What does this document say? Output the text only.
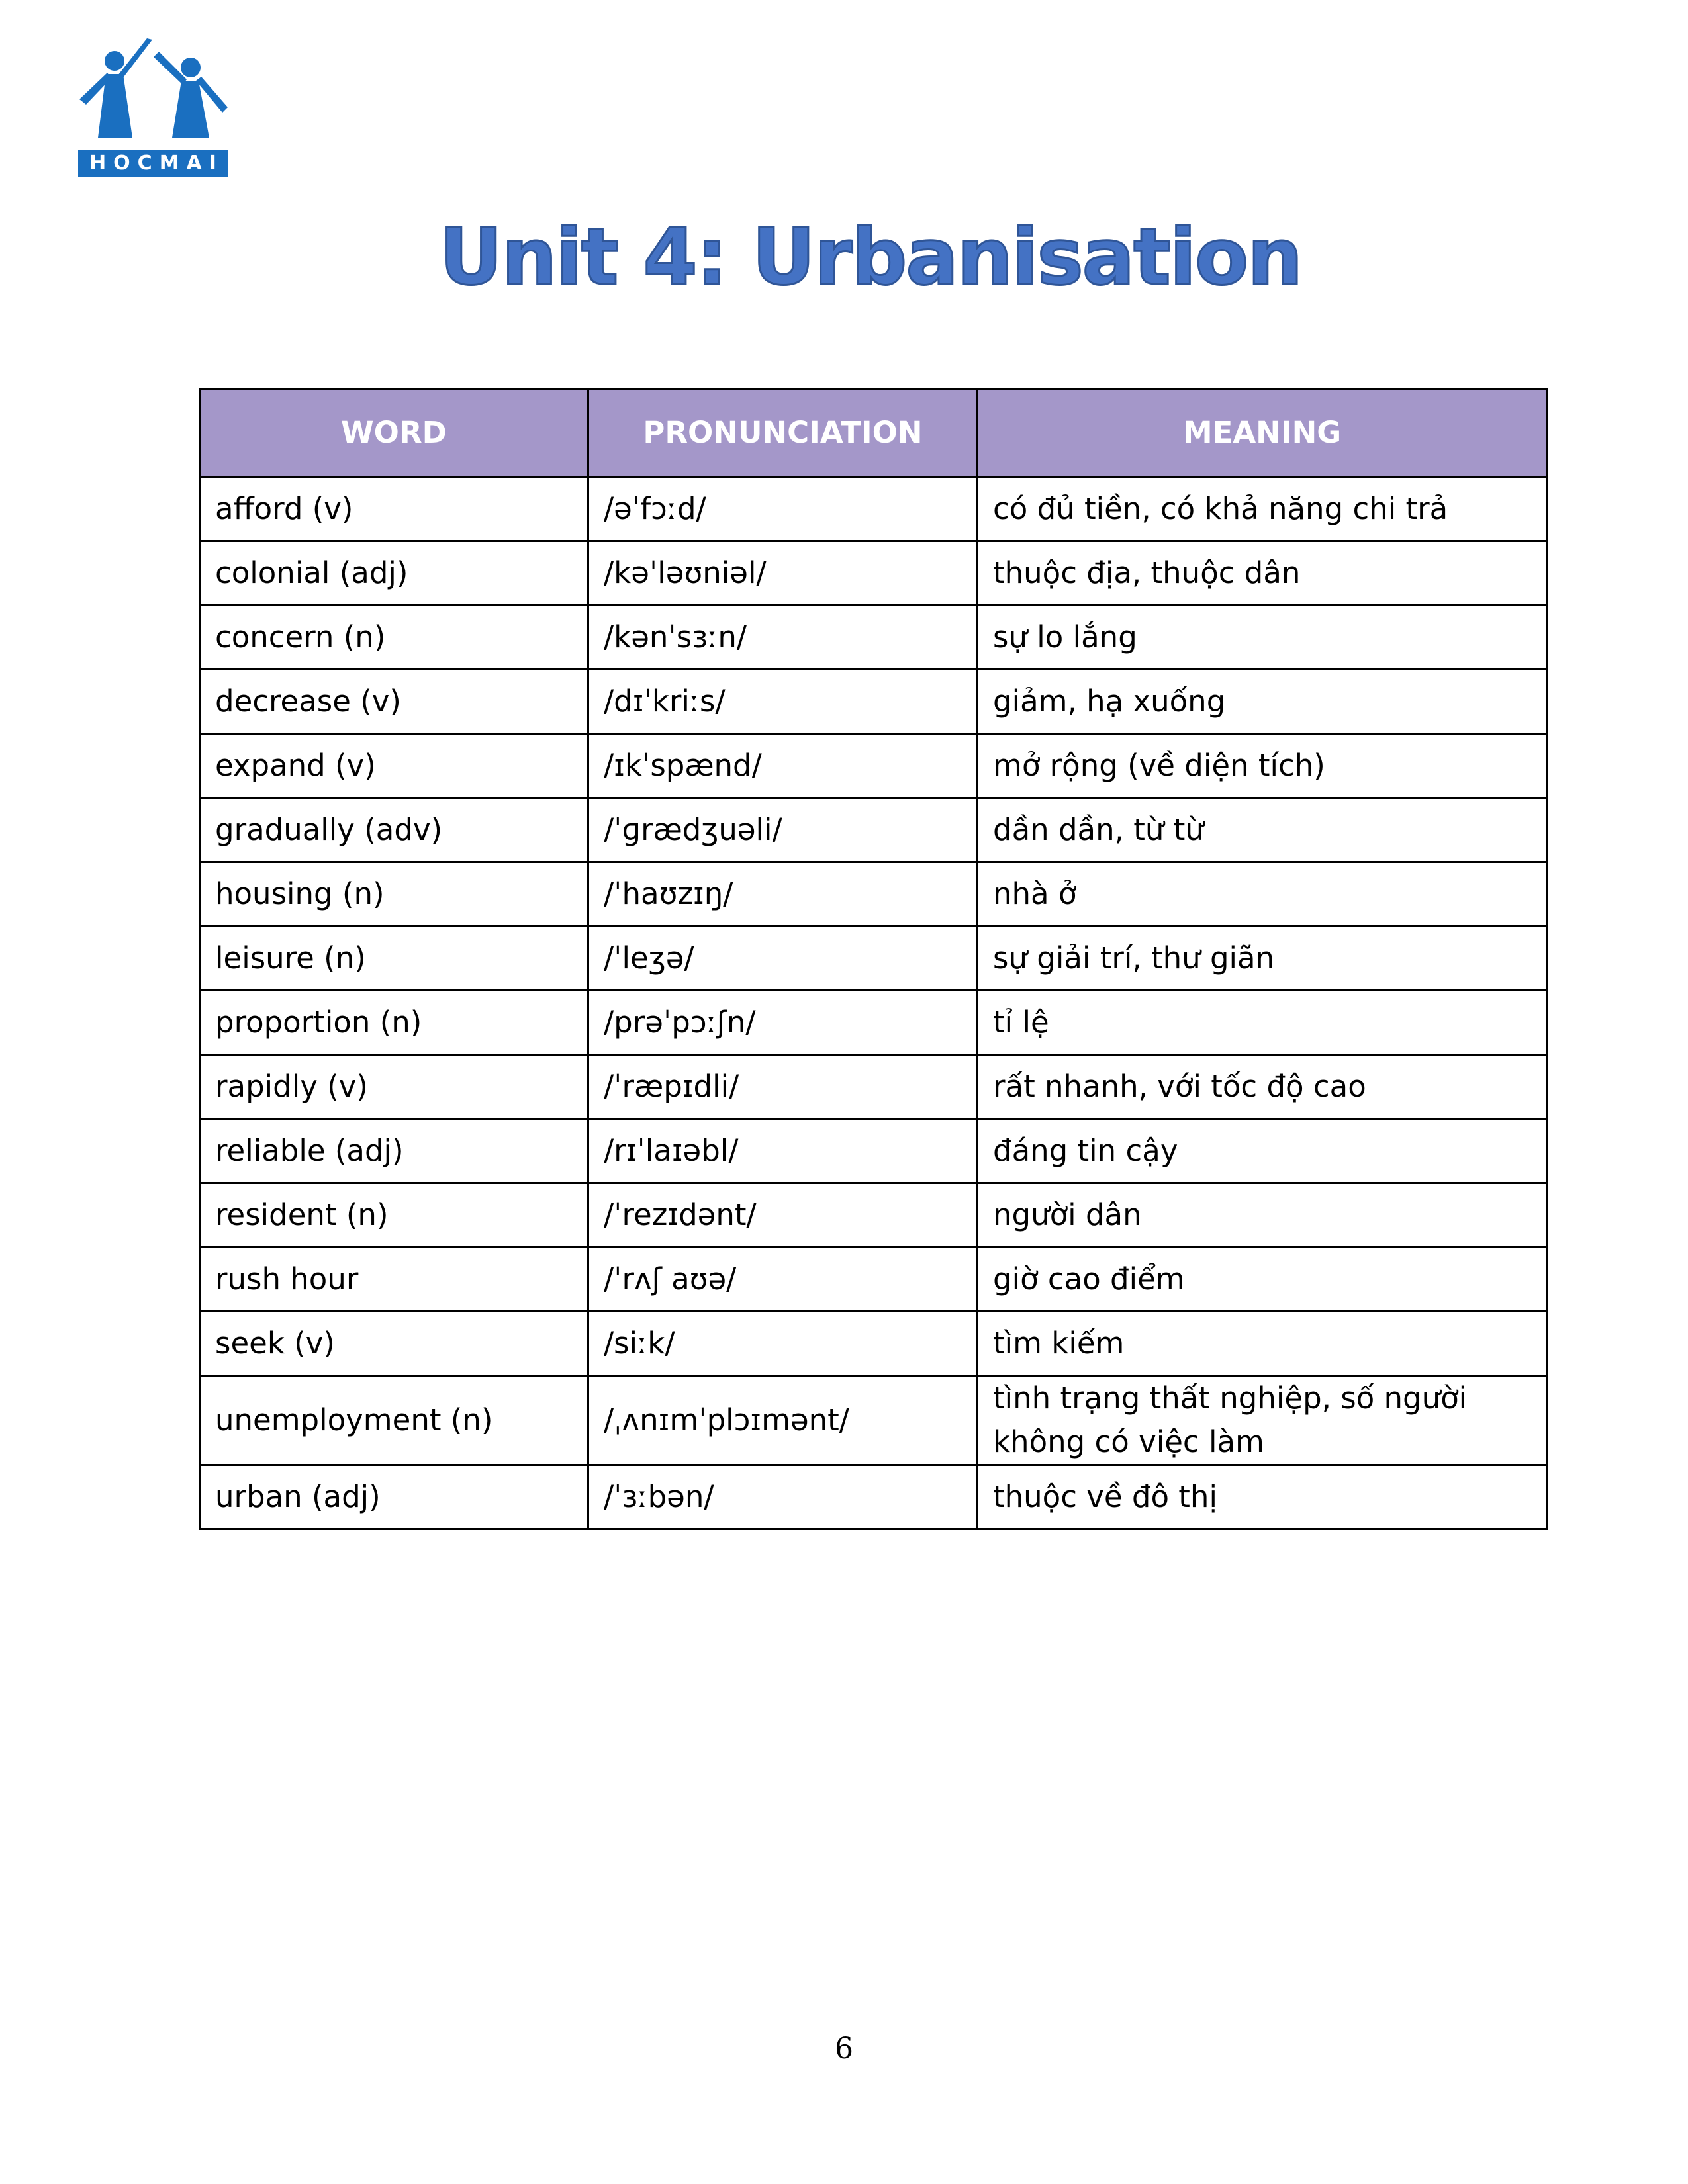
HOCMAI
Unit 4: Urbanisation
WORD	PRONUNCIATION	MEANING
afford (v)	/əˈfɔːd/	có đủ tiền, có khả năng chi trả
colonial (adj)	/kəˈləʊniəl/	thuộc địa, thuộc dân
concern (n)	/kənˈsɜːn/	sự lo lắng
decrease (v)	/dɪˈkriːs/	giảm, hạ xuống
expand (v)	/ɪkˈspænd/	mở rộng (về diện tích)
gradually (adv)	/ˈɡrædʒuəli/	dần dần, từ từ
housing (n)	/ˈhaʊzɪŋ/	nhà ở
leisure (n)	/ˈleʒə/	sự giải trí, thư giãn
proportion (n)	/prəˈpɔːʃn/	tỉ lệ
rapidly (v)	/ˈræpɪdli/	rất nhanh, với tốc độ cao
reliable (adj)	/rɪˈlaɪəbl/	đáng tin cậy
resident (n)	/ˈrezɪdənt/	người dân
rush hour	/ˈrʌʃ aʊə/	giờ cao điểm
seek (v)	/siːk/	tìm kiếm
unemployment (n)	/ˌʌnɪmˈplɔɪmənt/	tình trạng thất nghiệp, số người không có việc làm
urban (adj)	/ˈɜːbən/	thuộc về đô thị
6
